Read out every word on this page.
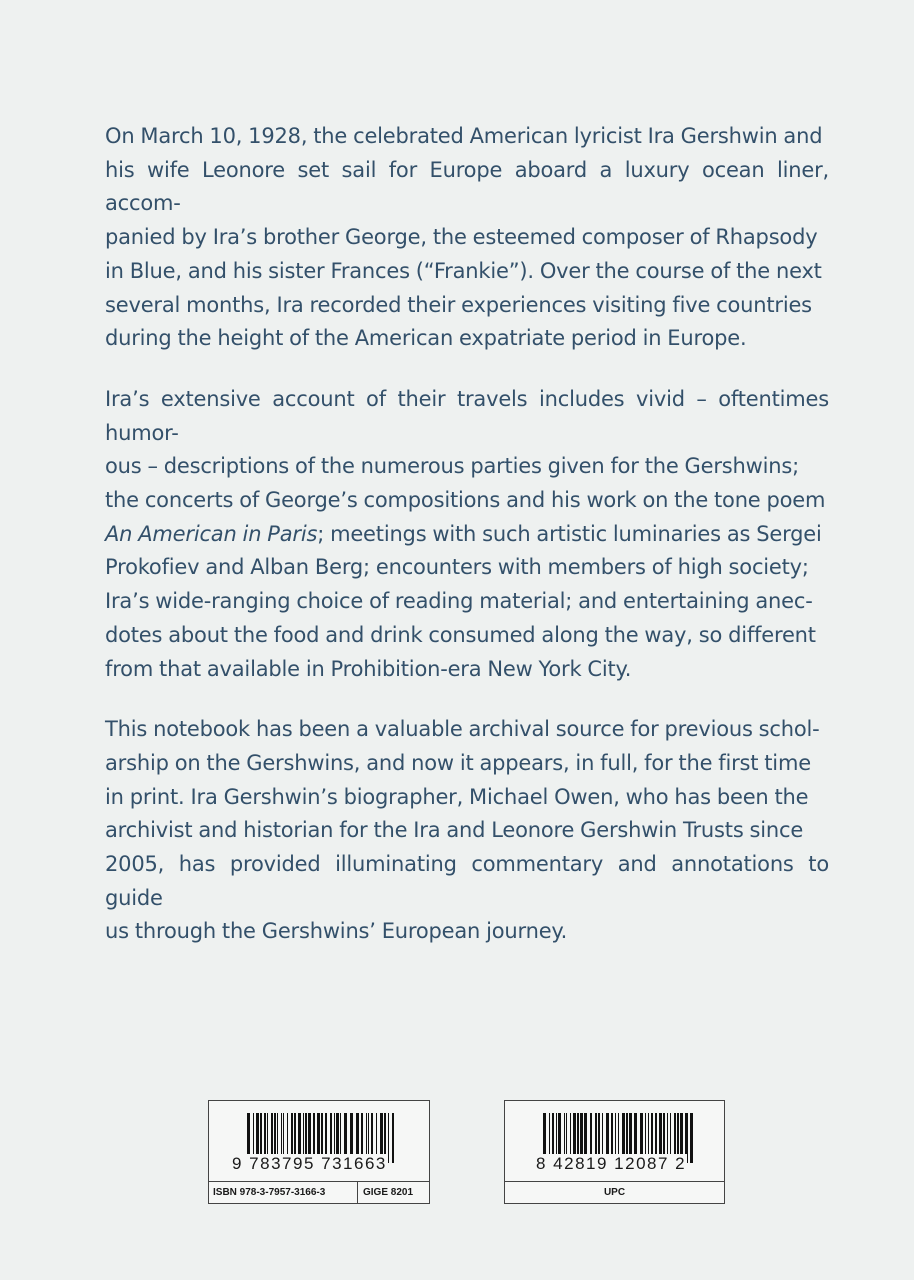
On March 10, 1928, the celebrated American lyricist Ira Gershwin and
his wife Leonore set sail for Europe aboard a luxury ocean liner, accom-
panied by Ira’s brother George, the esteemed composer of Rhapsody
in Blue, and his sister Frances (“Frankie”). Over the course of the next
several months, Ira recorded their experiences visiting five countries
during the height of the American expatriate period in Europe.

Ira’s extensive account of their travels includes vivid – oftentimes humor-
ous – descriptions of the numerous parties given for the Gershwins;
the concerts of George’s compositions and his work on the tone poem
An American in Paris; meetings with such artistic luminaries as Sergei
Prokofiev and Alban Berg; encounters with members of high society;
Ira’s wide-ranging choice of reading material; and entertaining anec-
dotes about the food and drink consumed along the way, so different
from that available in Prohibition-era New York City.

This notebook has been a valuable archival source for previous schol-
arship on the Gershwins, and now it appears, in full, for the first time
in print. Ira Gershwin’s biographer, Michael Owen, who has been the
archivist and historian for the Ira and Leonore Gershwin Trusts since
2005, has provided illuminating commentary and annotations to guide
us through the Gershwins’ European journey.

9 783795 731663
ISBN 978-3-7957-3166-3	GIGE 8201
8 42819 12087 2
UPC
